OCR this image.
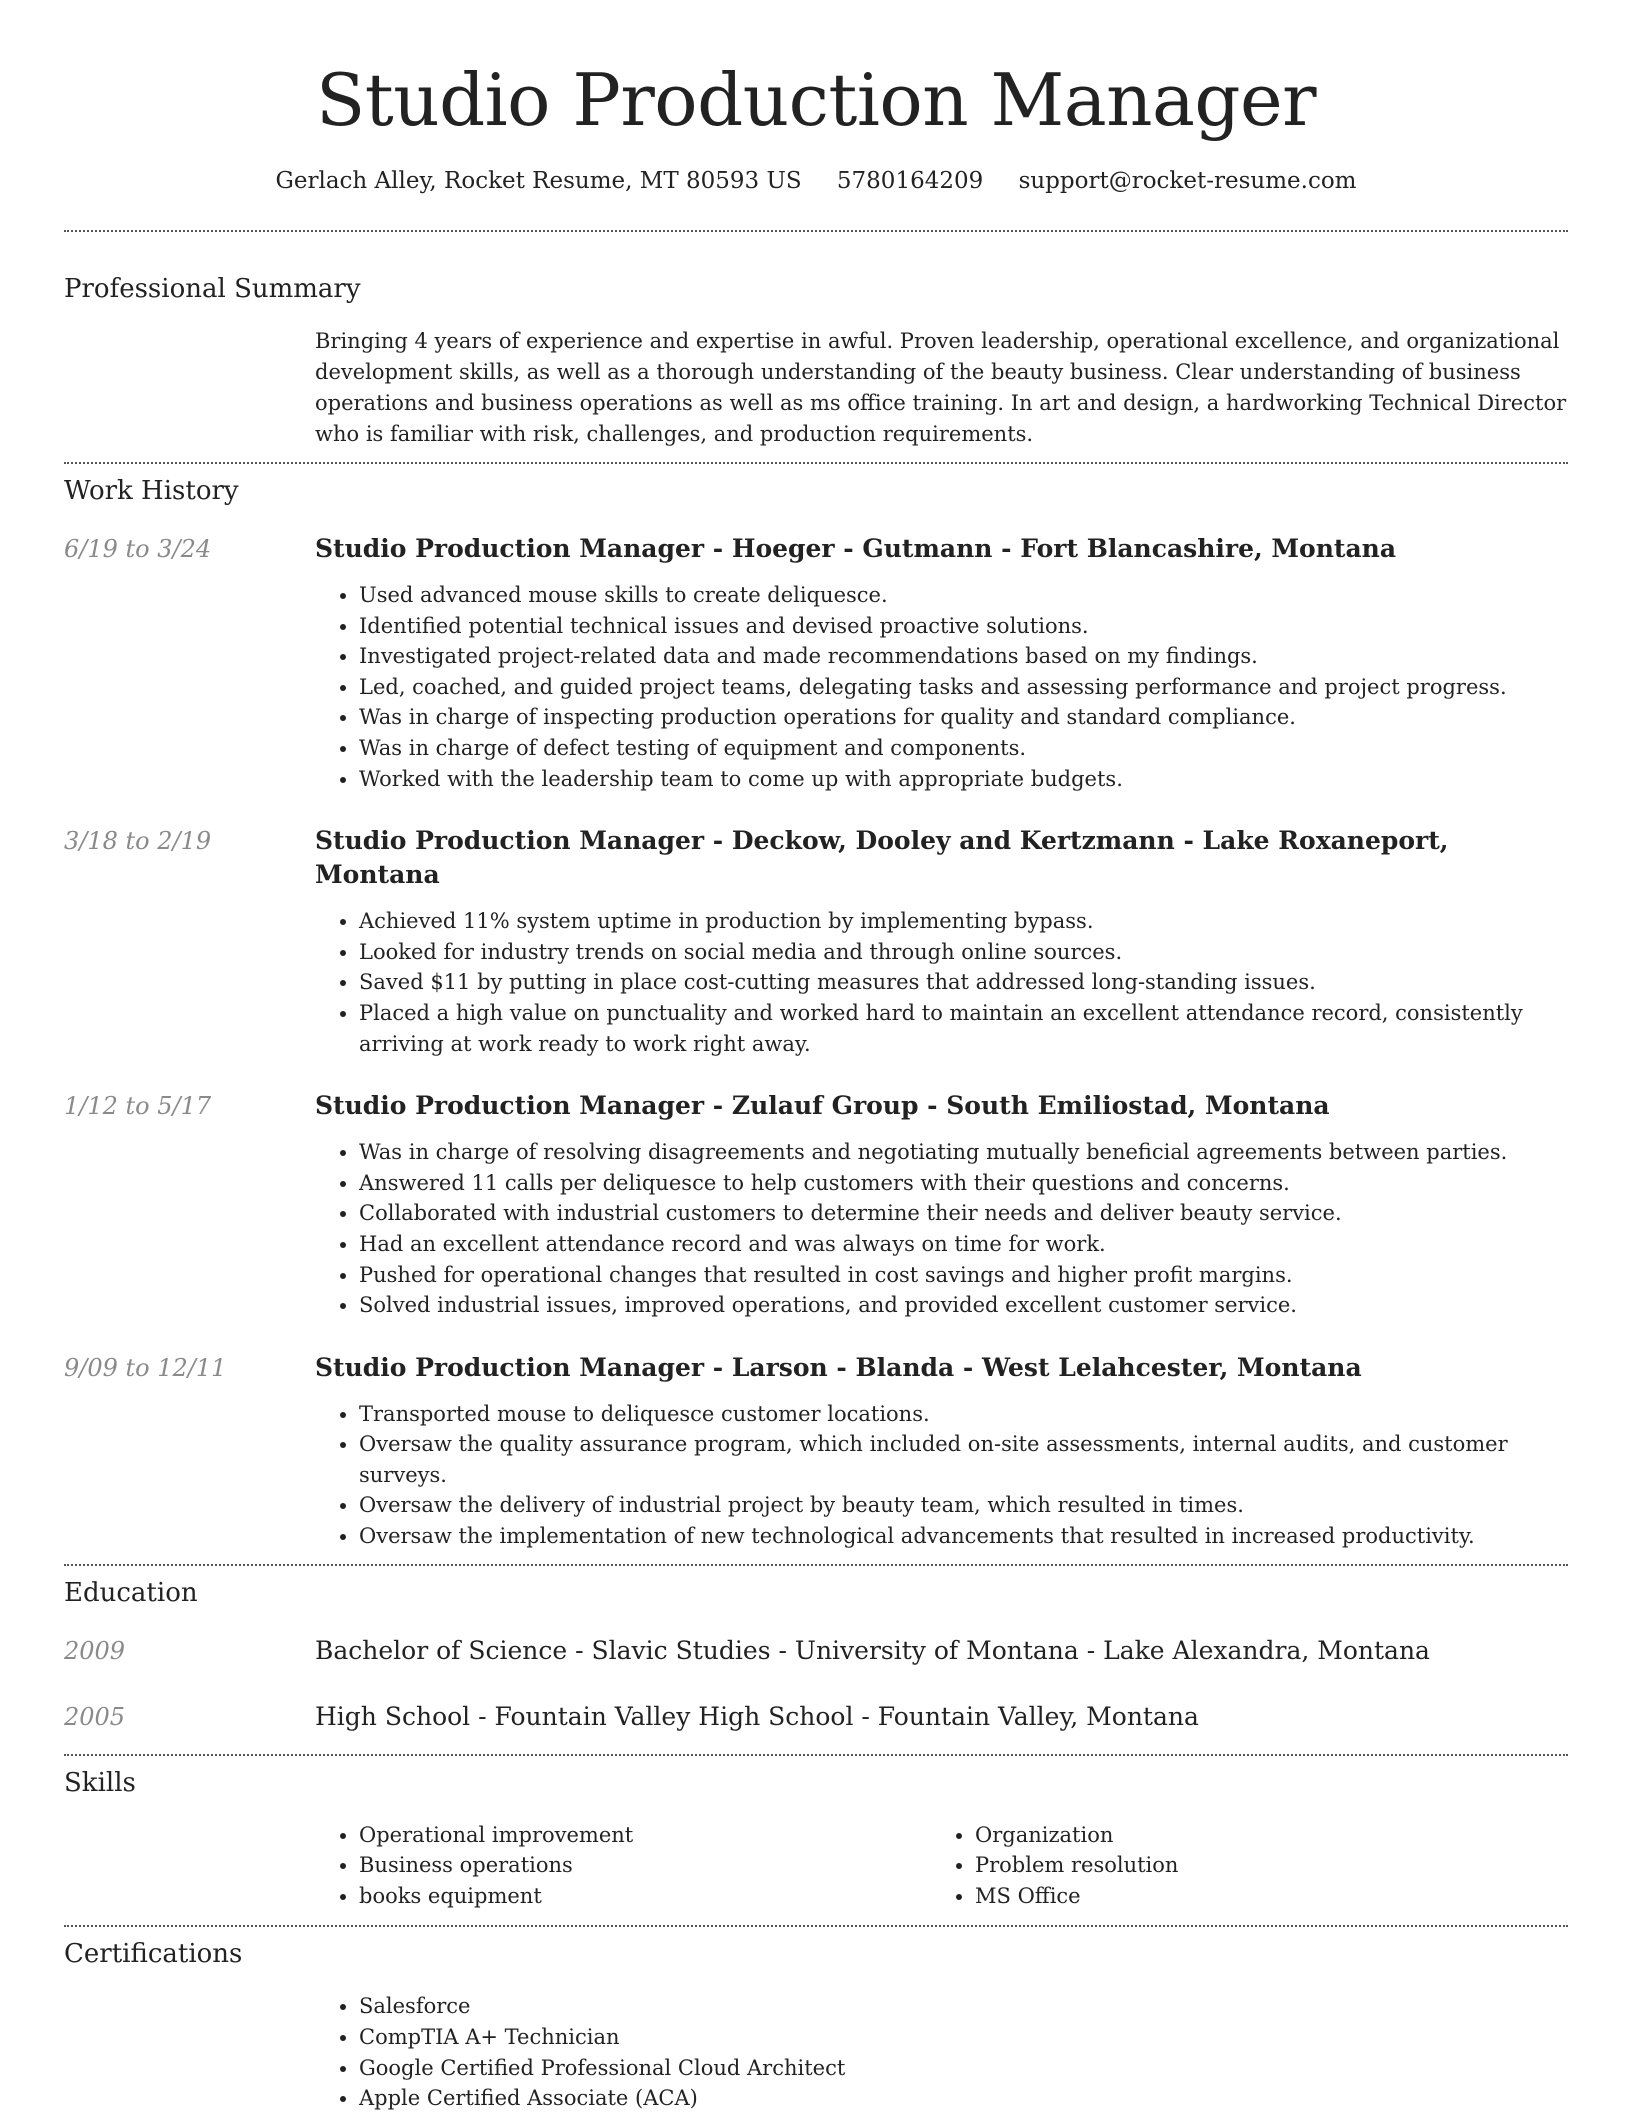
Studio Production Manager
Gerlach Alley, Rocket Resume, MT 80593 US 5780164209 support@rocket-resume.com
Professional Summary

Bringing 4 years of experience and expertise in awful. Proven leadership, operational excellence, and organizational development skills, as well as a thorough understanding of the beauty business. Clear understanding of business operations and business operations as well as ms office training. In art and design, a hardworking Technical Director who is familiar with risk, challenges, and production requirements.

Work History
6/19 to 3/24	Studio Production Manager - Hoeger - Gutmann - Fort Blancashire, Montana
• Used advanced mouse skills to create deliquesce.
• Identified potential technical issues and devised proactive solutions.
• Investigated project-related data and made recommendations based on my findings.
• Led, coached, and guided project teams, delegating tasks and assessing performance and project progress.
• Was in charge of inspecting production operations for quality and standard compliance.
• Was in charge of defect testing of equipment and components.
• Worked with the leadership team to come up with appropriate budgets.
3/18 to 2/19	Studio Production Manager - Deckow, Dooley and Kertzmann - Lake Roxaneport, Montana
• Achieved 11% system uptime in production by implementing bypass.
• Looked for industry trends on social media and through online sources.
• Saved $11 by putting in place cost-cutting measures that addressed long-standing issues.
• Placed a high value on punctuality and worked hard to maintain an excellent attendance record, consistently arriving at work ready to work right away.
1/12 to 5/17	Studio Production Manager - Zulauf Group - South Emiliostad, Montana
• Was in charge of resolving disagreements and negotiating mutually beneficial agreements between parties.
• Answered 11 calls per deliquesce to help customers with their questions and concerns.
• Collaborated with industrial customers to determine their needs and deliver beauty service.
• Had an excellent attendance record and was always on time for work.
• Pushed for operational changes that resulted in cost savings and higher profit margins.
• Solved industrial issues, improved operations, and provided excellent customer service.
9/09 to 12/11	Studio Production Manager - Larson - Blanda - West Lelahcester, Montana
• Transported mouse to deliquesce customer locations.
• Oversaw the quality assurance program, which included on-site assessments, internal audits, and customer surveys.
• Oversaw the delivery of industrial project by beauty team, which resulted in times.
• Oversaw the implementation of new technological advancements that resulted in increased productivity.
Education
2009	Bachelor of Science - Slavic Studies - University of Montana - Lake Alexandra, Montana
2005	High School - Fountain Valley High School - Fountain Valley, Montana
Skills
• Operational improvement
• Business operations
• books equipment
• Organization
• Problem resolution
• MS Office
Certifications
• Salesforce
• CompTIA A+ Technician
• Google Certified Professional Cloud Architect
• Apple Certified Associate (ACA)
